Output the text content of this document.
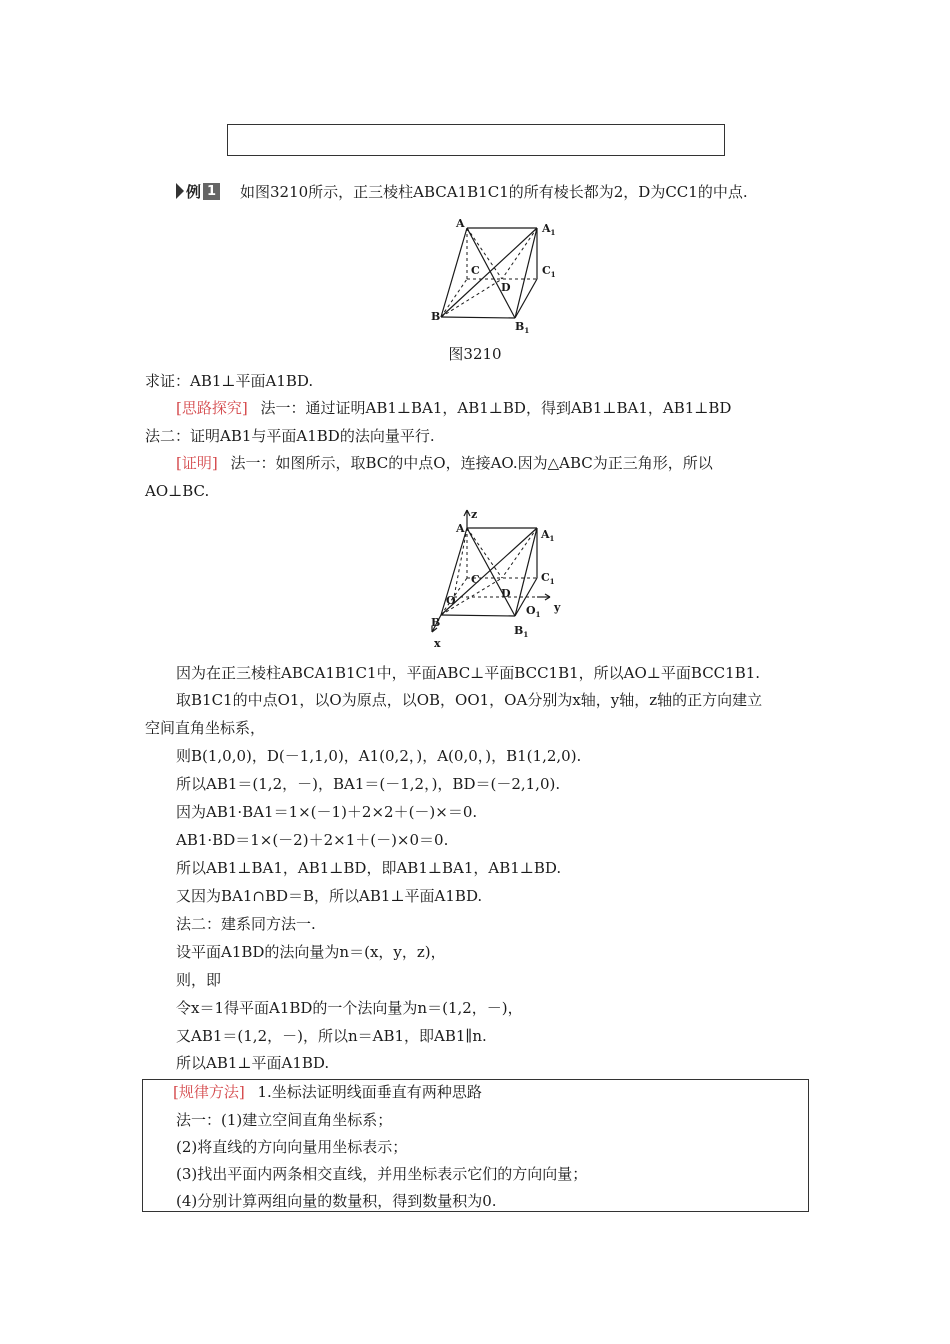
例 1 如图3210所示，正三棱柱ABCA1B1C1的所有棱长都为2，D为CC1的中点.
A	$A_1$
C	$C_1$
D
B
$B_1$
图3210
求证：AB1⊥平面A1BD.
[思路探究] 法一：通过证明AB1⊥BA1，AB1⊥BD，得到AB1⊥BA1，AB1⊥BD
法二：证明AB1与平面A1BD的法向量平行.
[证明] 法一：如图所示，取BC的中点O，连接AO.因为△ABC为正三角形，所以
AO⊥BC.
z
y
x
A	$A_1$
C	$C_1$
D
O
$O_1$
B
$B_1$
因为在正三棱柱ABCA1B1C1中，平面ABC⊥平面BCC1B1，所以AO⊥平面BCC1B1.
取B1C1的中点O1，以O为原点，以OB，OO1，OA分别为x轴，y轴，z轴的正方向建立
空间直角坐标系，
则B(1,0,0)，D(－1,1,0)，A1(0,2，)，A(0,0，)，B1(1,2,0).
所以AB1＝(1,2，－)，BA1＝(－1,2，)，BD＝(－2,1,0).
因为AB1·BA1＝1×(－1)＋2×2＋(－)×＝0.
AB1·BD＝1×(－2)＋2×1＋(－)×0＝0.
所以AB1⊥BA1，AB1⊥BD，即AB1⊥BA1，AB1⊥BD.
又因为BA1∩BD＝B，所以AB1⊥平面A1BD.
法二：建系同方法一.
设平面A1BD的法向量为n＝(x，y，z)，
则，即
令x＝1得平面A1BD的一个法向量为n＝(1,2，－)，
又AB1＝(1,2，－)，所以n＝AB1，即AB1∥n.
所以AB1⊥平面A1BD.
[规律方法] 1.坐标法证明线面垂直有两种思路
法一：(1)建立空间直角坐标系；
(2)将直线的方向向量用坐标表示；
(3)找出平面内两条相交直线，并用坐标表示它们的方向向量；
(4)分别计算两组向量的数量积，得到数量积为0.
